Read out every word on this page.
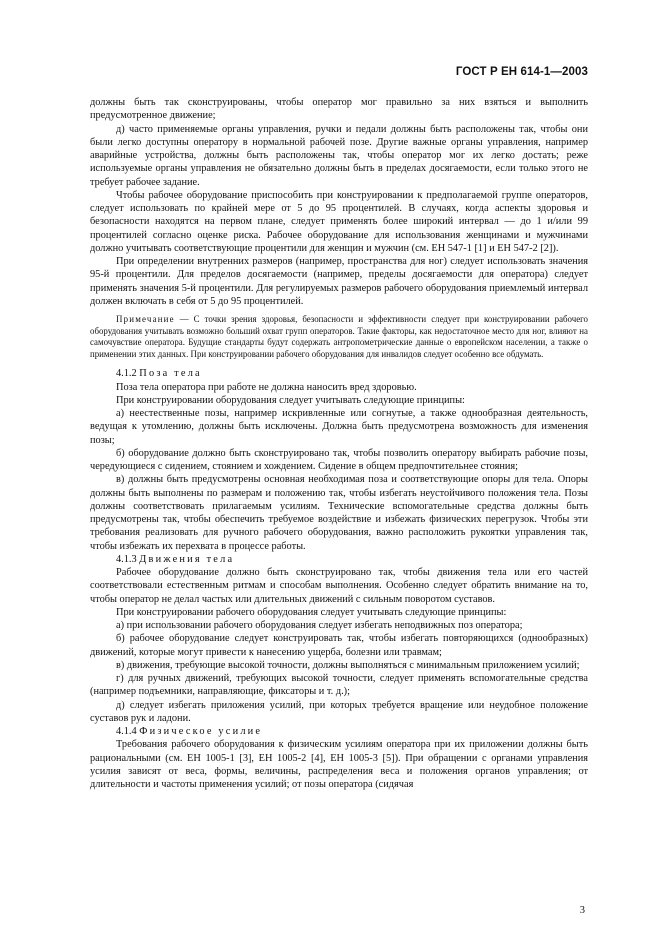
ГОСТ Р ЕН 614-1—2003

должны быть так сконструированы, чтобы оператор мог правильно за них взяться и выполнить предусмотренное движение;

д) часто применяемые органы управления, ручки и педали должны быть расположены так, чтобы они были легко доступны оператору в нормальной рабочей позе. Другие важные органы управления, например аварийные устройства, должны быть расположены так, чтобы оператор мог их легко достать; реже используемые органы управления не обязательно должны быть в пределах досягаемости, если только этого не требует рабочее задание.

Чтобы рабочее оборудование приспособить при конструировании к предполагаемой группе операторов, следует использовать по крайней мере от 5 до 95 процентилей. В случаях, когда аспекты здоровья и безопасности находятся на первом плане, следует применять более широкий интервал — до 1 и/или 99 процентилей согласно оценке риска. Рабочее оборудование для использования женщинами и мужчинами должно учитывать соответствующие процентили для женщин и мужчин (см. ЕН 547-1 [1] и ЕН 547-2 [2]).

При определении внутренних размеров (например, пространства для ног) следует использовать значения 95-й процентили. Для пределов досягаемости (например, пределы досягаемости для оператора) следует применять значения 5-й процентили. Для регулируемых размеров рабочего оборудования приемлемый интервал должен включать в себя от 5 до 95 процентилей.

Примечание — С точки зрения здоровья, безопасности и эффективности следует при конструировании рабочего оборудования учитывать возможно больший охват групп операторов. Такие факторы, как недостаточное место для ног, влияют на самочувствие оператора. Будущие стандарты будут содержать антропометрические данные о европейском населении, а также о применении этих данных. При конструировании рабочего оборудования для инвалидов следует особенно все обдумать.

4.1.2 Поза тела

Поза тела оператора при работе не должна наносить вред здоровью.

При конструировании оборудования следует учитывать следующие принципы:

а) неестественные позы, например искривленные или согнутые, а также однообразная деятельность, ведущая к утомлению, должны быть исключены. Должна быть предусмотрена возможность для изменения позы;

б) оборудование должно быть сконструировано так, чтобы позволить оператору выбирать рабочие позы, чередующиеся с сидением, стоянием и хождением. Сидение в общем предпочтительнее стояния;

в) должны быть предусмотрены основная необходимая поза и соответствующие опоры для тела. Опоры должны быть выполнены по размерам и положению так, чтобы избегать неустойчивого положения тела. Позы должны соответствовать прилагаемым усилиям. Технические вспомогательные средства должны быть предусмотрены так, чтобы обеспечить требуемое воздействие и избежать физических перегрузок. Чтобы эти требования реализовать для ручного рабочего оборудования, важно расположить рукоятки управления так, чтобы избежать их перехвата в процессе работы.

4.1.3 Движения тела

Рабочее оборудование должно быть сконструировано так, чтобы движения тела или его частей соответствовали естественным ритмам и способам выполнения. Особенно следует обратить внимание на то, чтобы оператор не делал частых или длительных движений с сильным поворотом суставов.

При конструировании рабочего оборудования следует учитывать следующие принципы:

а) при использовании рабочего оборудования следует избегать неподвижных поз оператора;

б) рабочее оборудование следует конструировать так, чтобы избегать повторяющихся (однообразных) движений, которые могут привести к нанесению ущерба, болезни или травмам;

в) движения, требующие высокой точности, должны выполняться с минимальным приложением усилий;

г) для ручных движений, требующих высокой точности, следует применять вспомогательные средства (например подъемники, направляющие, фиксаторы и т. д.);

д) следует избегать приложения усилий, при которых требуется вращение или неудобное положение суставов рук и ладони.

4.1.4 Физическое усилие

Требования рабочего оборудования к физическим усилиям оператора при их приложении должны быть рациональными (см. ЕН 1005-1 [3], ЕН 1005-2 [4], ЕН 1005-3 [5]). При обращении с органами управления усилия зависят от веса, формы, величины, распределения веса и положения органов управления; от длительности и частоты применения усилий; от позы оператора (сидячая

3
